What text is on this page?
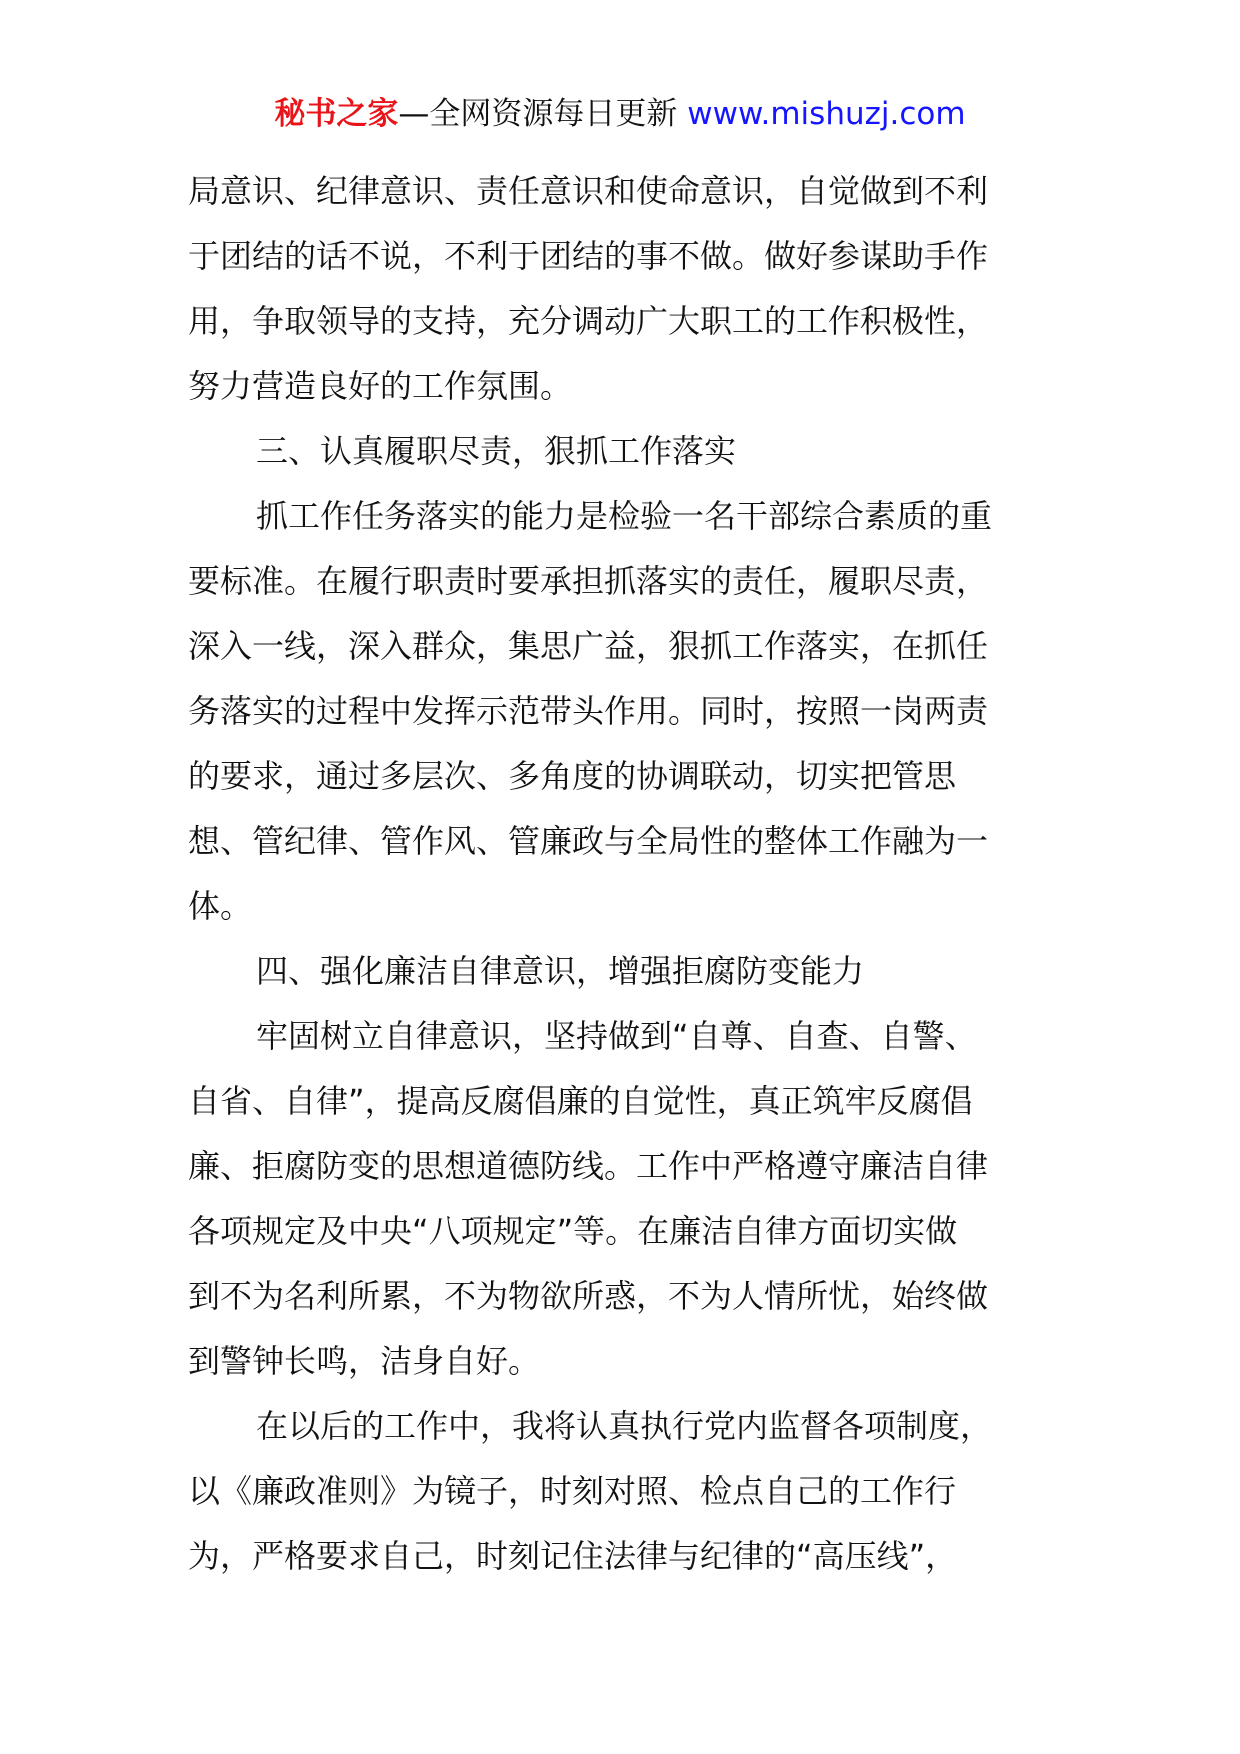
秘书之家—全网资源每日更新 www.mishuzj.com
局意识、纪律意识、责任意识和使命意识，自觉做到不利
于团结的话不说，不利于团结的事不做。做好参谋助手作
用，争取领导的支持，充分调动广大职工的工作积极性，
努力营造良好的工作氛围。
三、认真履职尽责，狠抓工作落实
抓工作任务落实的能力是检验一名干部综合素质的重
要标准。在履行职责时要承担抓落实的责任，履职尽责，
深入一线，深入群众，集思广益，狠抓工作落实，在抓任
务落实的过程中发挥示范带头作用。同时，按照一岗两责
的要求，通过多层次、多角度的协调联动，切实把管思
想、管纪律、管作风、管廉政与全局性的整体工作融为一
体。
四、强化廉洁自律意识，增强拒腐防变能力
牢固树立自律意识，坚持做到“自尊、自查、自警、
自省、自律”，提高反腐倡廉的自觉性，真正筑牢反腐倡
廉、拒腐防变的思想道德防线。工作中严格遵守廉洁自律
各项规定及中央“八项规定”等。在廉洁自律方面切实做
到不为名利所累，不为物欲所惑，不为人情所忧，始终做
到警钟长鸣，洁身自好。
在以后的工作中，我将认真执行党内监督各项制度，
以《廉政准则》为镜子，时刻对照、检点自己的工作行
为，严格要求自己，时刻记住法律与纪律的“高压线”，
